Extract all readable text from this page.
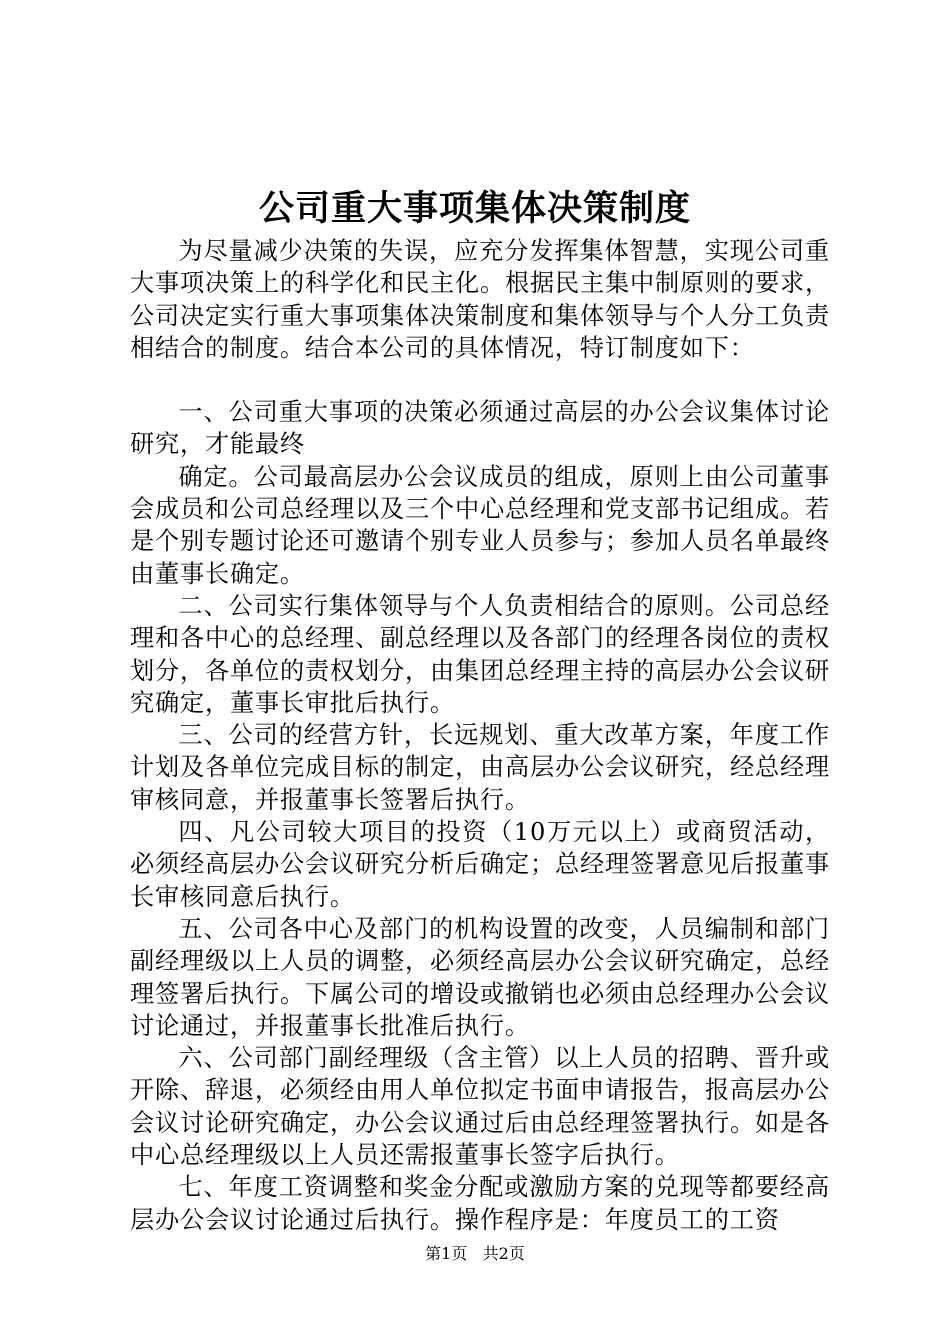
公司重大事项集体决策制度

为尽量减少决策的失误，应充分发挥集体智慧，实现公司重大事项决策上的科学化和民主化。根据民主集中制原则的要求，公司决定实行重大事项集体决策制度和集体领导与个人分工负责相结合的制度。结合本公司的具体情况，特订制度如下：

一、公司重大事项的决策必须通过高层的办公会议集体讨论研究，才能最终

确定。公司最高层办公会议成员的组成，原则上由公司董事会成员和公司总经理以及三个中心总经理和党支部书记组成。若是个别专题讨论还可邀请个别专业人员参与；参加人员名单最终由董事长确定。

二、公司实行集体领导与个人负责相结合的原则。公司总经理和各中心的总经理、副总经理以及各部门的经理各岗位的责权划分，各单位的责权划分，由集团总经理主持的高层办公会议研究确定，董事长审批后执行。

三、公司的经营方针，长远规划、重大改革方案，年度工作计划及各单位完成目标的制定，由高层办公会议研究，经总经理审核同意，并报董事长签署后执行。

四、凡公司较大项目的投资（10万元以上）或商贸活动，必须经高层办公会议研究分析后确定；总经理签署意见后报董事长审核同意后执行。

五、公司各中心及部门的机构设置的改变，人员编制和部门副经理级以上人员的调整，必须经高层办公会议研究确定，总经理签署后执行。下属公司的增设或撤销也必须由总经理办公会议讨论通过，并报董事长批准后执行。

六、公司部门副经理级（含主管）以上人员的招聘、晋升或开除、辞退，必须经由用人单位拟定书面申请报告，报高层办公会议讨论研究确定，办公会议通过后由总经理签署执行。如是各中心总经理级以上人员还需报董事长签字后执行。

七、年度工资调整和奖金分配或激励方案的兑现等都要经高层办公会议讨论通过后执行。操作程序是：年度员工的工资

第1页 共2页
